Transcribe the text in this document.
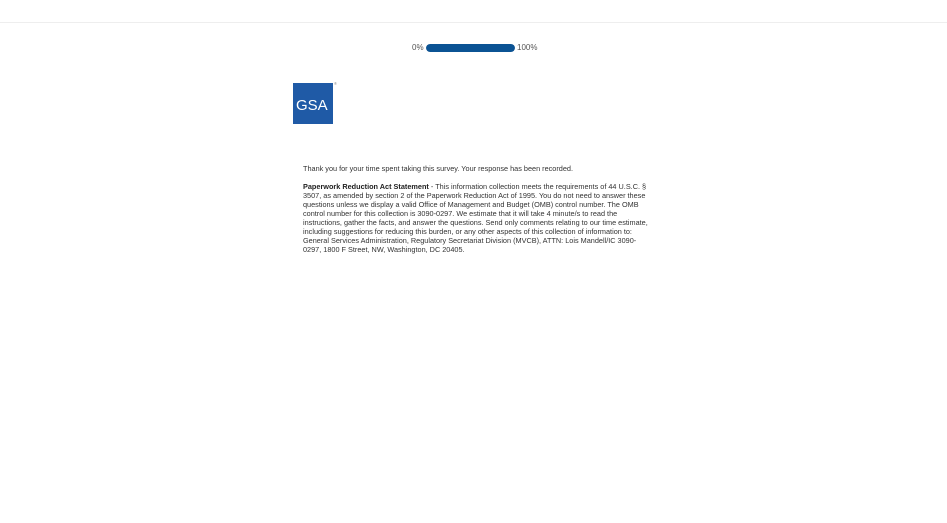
0%	100%
GSA
®

Thank you for your time spent taking this survey. Your response has been recorded.

Paperwork Reduction Act Statement - This information collection meets the requirements of 44 U.S.C. § 3507, as amended by section 2 of the Paperwork Reduction Act of 1995. You do not need to answer these questions unless we display a valid Office of Management and Budget (OMB) control number. The OMB control number for this collection is 3090-0297. We estimate that it will take 4 minute/s to read the instructions, gather the facts, and answer the questions. Send only comments relating to our time estimate, including suggestions for reducing this burden, or any other aspects of this collection of information to: General Services Administration, Regulatory Secretariat Division (MVCB), ATTN: Lois Mandell/IC 3090-0297, 1800 F Street, NW, Washington, DC 20405.
